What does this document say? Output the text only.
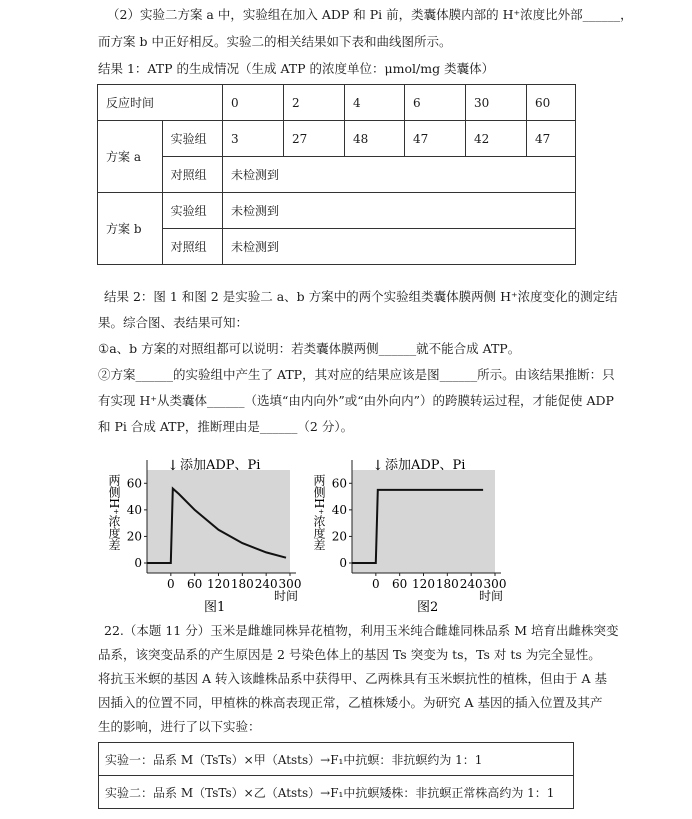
（2）实验二方案 a 中，实验组在加入 ADP 和 Pi 前，类囊体膜内部的 H⁺浓度比外部______，
而方案 b 中正好相反。实验二的相关结果如下表和曲线图所示。
结果 1：ATP 的生成情况（生成 ATP 的浓度单位：μmol/mg 类囊体）
反应时间		0	2	4	6	30	60
方案 a	实验组	3	27	48	47	42	47
	对照组	未检测到					
方案 b	实验组	未检测到					
	对照组	未检测到					
结果 2：图 1 和图 2 是实验二 a、b 方案中的两个实验组类囊体膜两侧 H⁺浓度变化的测定结
果。综合图、表结果可知：
①a、b 方案的对照组都可以说明：若类囊体膜两侧______就不能合成 ATP。
②方案______的实验组中产生了 ATP，其对应的结果应该是图______所示。由该结果推断：只
有实现 H⁺从类囊体______（选填“由内向外”或“由外向内”）的跨膜转运过程，才能促使 ADP
和 Pi 合成 ATP，推断理由是______（2 分）。
两侧H⁺浓度差
0
20
40
60
0 60 120 180 240 300
↓ 添加ADP、Pi
时间
图1
两侧H⁺浓度差
0
20
40
60
0 60 120 180 240 300
↓ 添加ADP、Pi
时间
图2
22.（本题 11 分）玉米是雌雄同株异花植物，利用玉米纯合雌雄同株品系 M 培育出雌株突变
品系，该突变品系的产生原因是 2 号染色体上的基因 Ts 突变为 ts，Ts 对 ts 为完全显性。
将抗玉米螟的基因 A 转入该雌株品系中获得甲、乙两株具有玉米螟抗性的植株，但由于 A 基
因插入的位置不同，甲植株的株高表现正常，乙植株矮小。为研究 A 基因的插入位置及其产
生的影响，进行了以下实验：
实验一：品系 M（TsTs）×甲（Atsts）→F₁中抗螟：非抗螟约为 1：1
实验二：品系 M（TsTs）×乙（Atsts）→F₁中抗螟矮株：非抗螟正常株高约为 1：1
